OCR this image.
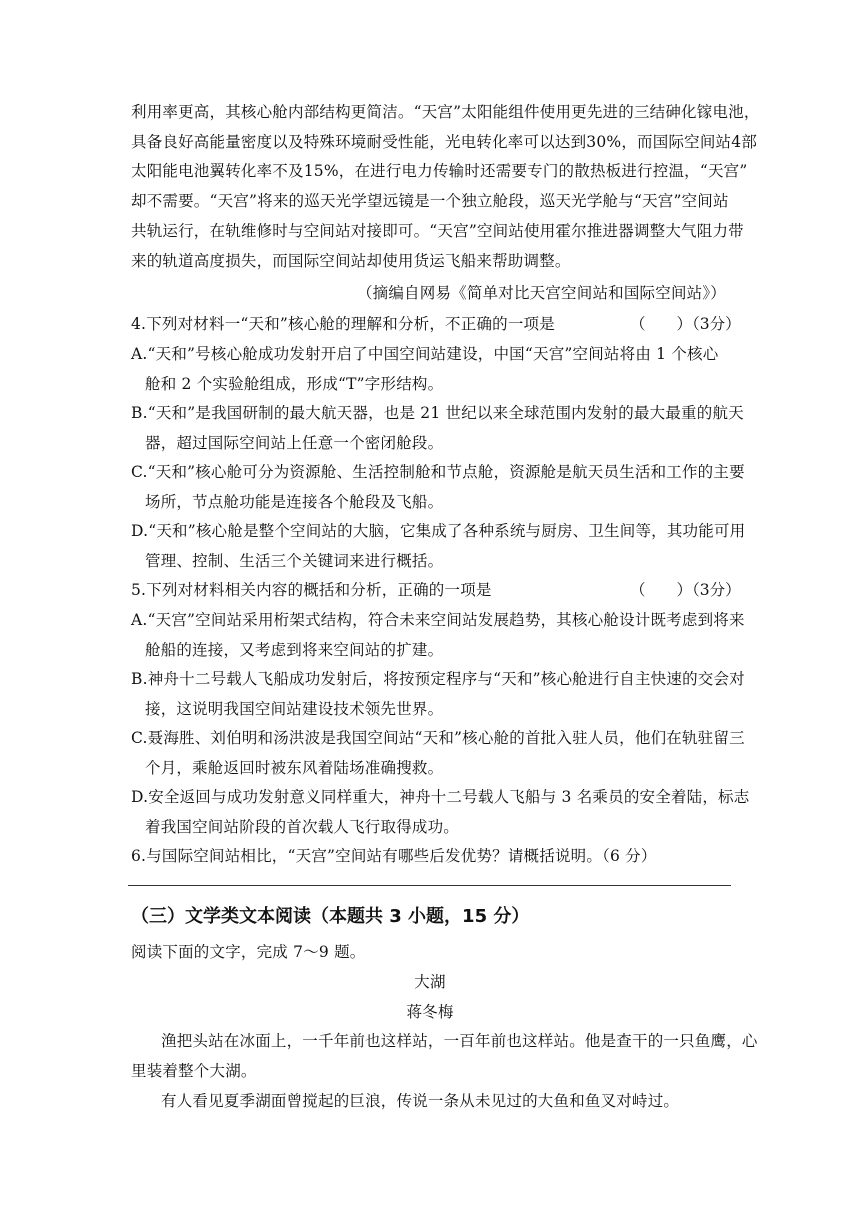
利用率更高，其核心舱内部结构更简洁。“天宫”太阳能组件使用更先进的三结砷化镓电池，
具备良好高能量密度以及特殊环境耐受性能，光电转化率可以达到30%，而国际空间站4部
太阳能电池翼转化率不及15%，在进行电力传输时还需要专门的散热板进行控温，“天宫”
却不需要。“天宫”将来的巡天光学望远镜是一个独立舱段，巡天光学舱与“天宫”空间站
共轨运行，在轨维修时与空间站对接即可。“天宫”空间站使用霍尔推进器调整大气阻力带
来的轨道高度损失，而国际空间站却使用货运飞船来帮助调整。
（摘编自网易《简单对比天宫空间站和国际空间站》）
4.下列对材料一“天和”核心舱的理解和分析，不正确的一项是	（　　）（3分）
A.“天和”号核心舱成功发射开启了中国空间站建设，中国“天宫”空间站将由 1 个核心
舱和 2 个实验舱组成，形成“T”字形结构。
B.“天和”是我国研制的最大航天器，也是 21 世纪以来全球范围内发射的最大最重的航天
器，超过国际空间站上任意一个密闭舱段。
C.“天和”核心舱可分为资源舱、生活控制舱和节点舱，资源舱是航天员生活和工作的主要
场所，节点舱功能是连接各个舱段及飞船。
D.“天和”核心舱是整个空间站的大脑，它集成了各种系统与厨房、卫生间等，其功能可用
管理、控制、生活三个关键词来进行概括。
5.下列对材料相关内容的概括和分析，正确的一项是	（　　）（3分）
A.“天宫”空间站采用桁架式结构，符合未来空间站发展趋势，其核心舱设计既考虑到将来
舱船的连接，又考虑到将来空间站的扩建。
B.神舟十二号载人飞船成功发射后，将按预定程序与“天和”核心舱进行自主快速的交会对
接，这说明我国空间站建设技术领先世界。
C.聂海胜、刘伯明和汤洪波是我国空间站“天和”核心舱的首批入驻人员，他们在轨驻留三
个月，乘舱返回时被东风着陆场准确搜救。
D.安全返回与成功发射意义同样重大，神舟十二号载人飞船与 3 名乘员的安全着陆，标志
着我国空间站阶段的首次载人飞行取得成功。
6.与国际空间站相比，“天宫”空间站有哪些后发优势？请概括说明。（6 分）
（三）文学类文本阅读（本题共 3 小题，15 分）
阅读下面的文字，完成 7～9 题。
大湖
蒋冬梅
渔把头站在冰面上，一千年前也这样站，一百年前也这样站。他是查干的一只鱼鹰，心
里装着整个大湖。
有人看见夏季湖面曾搅起的巨浪，传说一条从未见过的大鱼和鱼叉对峙过。
